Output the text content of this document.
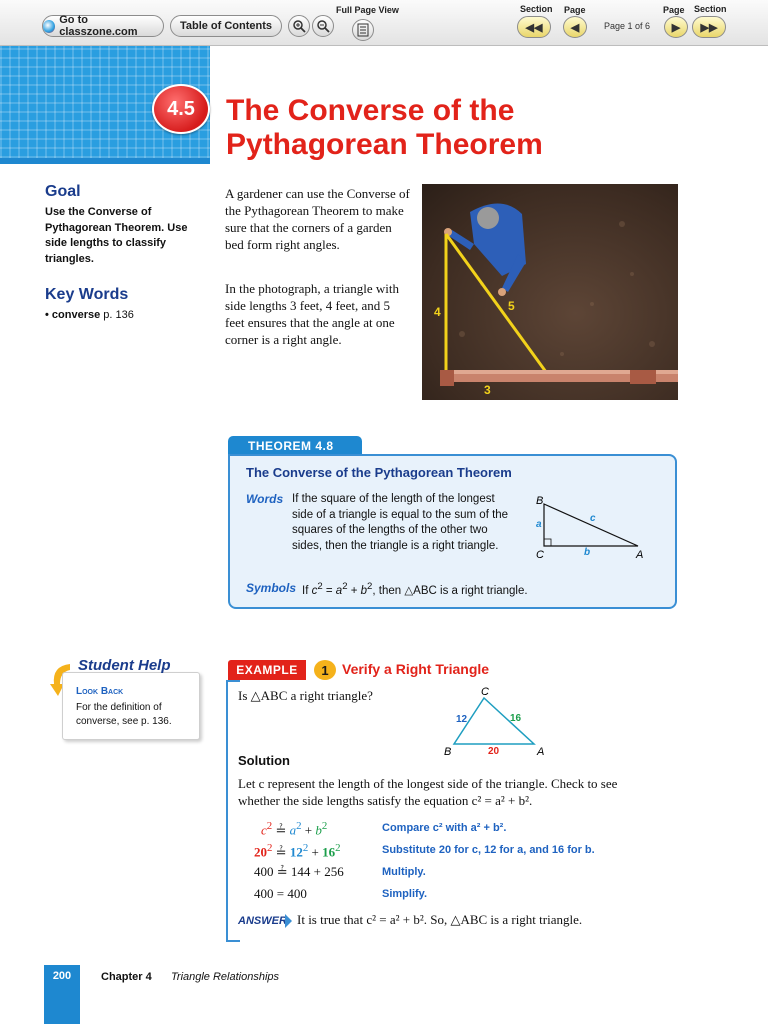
Go to classzone.com	Table of Contents
Full Page View	Section Page
◀◀	◀	Page 1 of 6
Page Section
▶ ▶▶
4.5	The Converse of the
Pythagorean Theorem
Goal
Use the Converse of Pythagorean Theorem. Use side lengths to classify triangles.
Key Words
• converse p. 136
A gardener can use the Converse of the Pythagorean Theorem to make sure that the corners of a garden bed form right angles.
In the photograph, a triangle with side lengths 3 feet, 4 feet, and 5 feet ensures that the angle at one corner is a right angle.
4	5
3
THEOREM 4.8
The Converse of the Pythagorean Theorem
Words If the square of the length of the longest side of a triangle is equal to the sum of the squares of the lengths of the other two sides, then the triangle is a right triangle.
B
C	A
a
b
c
Symbols If $c^2 = a^2 + b^2$, then △ABC is a right triangle.
Student Help
Look Back
For the definition of converse, see p. 136.
EXAMPLE	1 Verify a Right Triangle
Is △ABC a right triangle?	C
B	A
12	16
20
Solution
Let c represent the length of the longest side of the triangle. Check to see whether the side lengths satisfy the equation c² = a² + b².
$c^2$ ≟ $a^2 + b^2$	Compare c² with a² + b².
$20^2$ ≟ $12^2 + 16^2$	Substitute 20 for c, 12 for a, and 16 for b.
400 ≟ 144 + 256	Multiply.
400 = 400	Simplify.
ANSWER It is true that c² = a² + b². So, △ABC is a right triangle.
200	Chapter 4 Triangle Relationships
